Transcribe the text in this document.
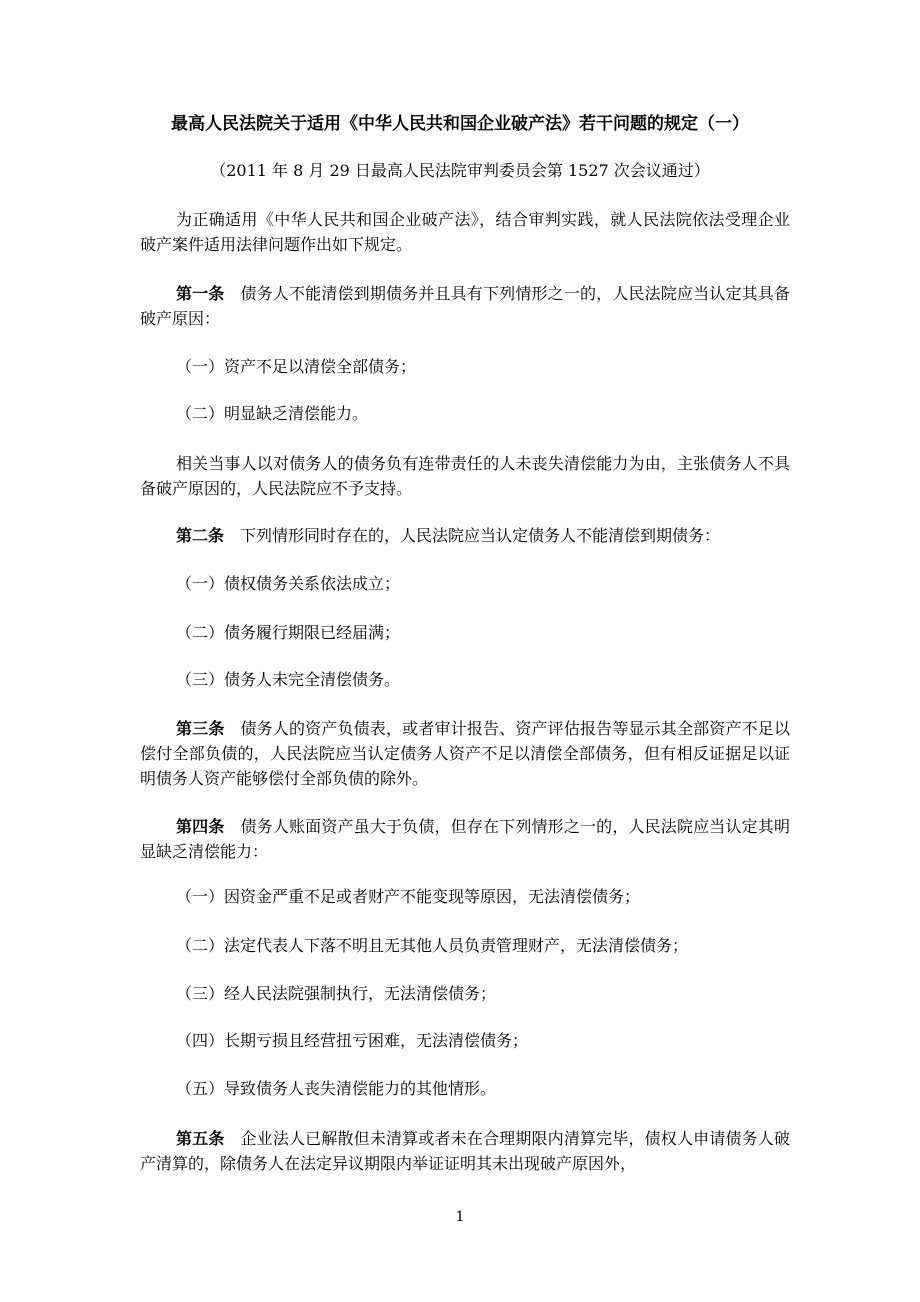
最高人民法院关于适用《中华人民共和国企业破产法》若干问题的规定（一）
（2011 年 8 月 29 日最高人民法院审判委员会第 1527 次会议通过）
为正确适用《中华人民共和国企业破产法》，结合审判实践，就人民法院依法受理企业破产案件适用法律问题作出如下规定。
第一条 债务人不能清偿到期债务并且具有下列情形之一的，人民法院应当认定其具备破产原因：
（一）资产不足以清偿全部债务；
（二）明显缺乏清偿能力。
相关当事人以对债务人的债务负有连带责任的人未丧失清偿能力为由，主张债务人不具备破产原因的，人民法院应不予支持。
第二条 下列情形同时存在的，人民法院应当认定债务人不能清偿到期债务：
（一）债权债务关系依法成立；
（二）债务履行期限已经届满；
（三）债务人未完全清偿债务。
第三条 债务人的资产负债表，或者审计报告、资产评估报告等显示其全部资产不足以偿付全部负债的，人民法院应当认定债务人资产不足以清偿全部债务，但有相反证据足以证明债务人资产能够偿付全部负债的除外。
第四条 债务人账面资产虽大于负债，但存在下列情形之一的，人民法院应当认定其明显缺乏清偿能力：
（一）因资金严重不足或者财产不能变现等原因，无法清偿债务；
（二）法定代表人下落不明且无其他人员负责管理财产，无法清偿债务；
（三）经人民法院强制执行，无法清偿债务；
（四）长期亏损且经营扭亏困难，无法清偿债务；
（五）导致债务人丧失清偿能力的其他情形。
第五条 企业法人已解散但未清算或者未在合理期限内清算完毕，债权人申请债务人破产清算的，除债务人在法定异议期限内举证证明其未出现破产原因外，
1
